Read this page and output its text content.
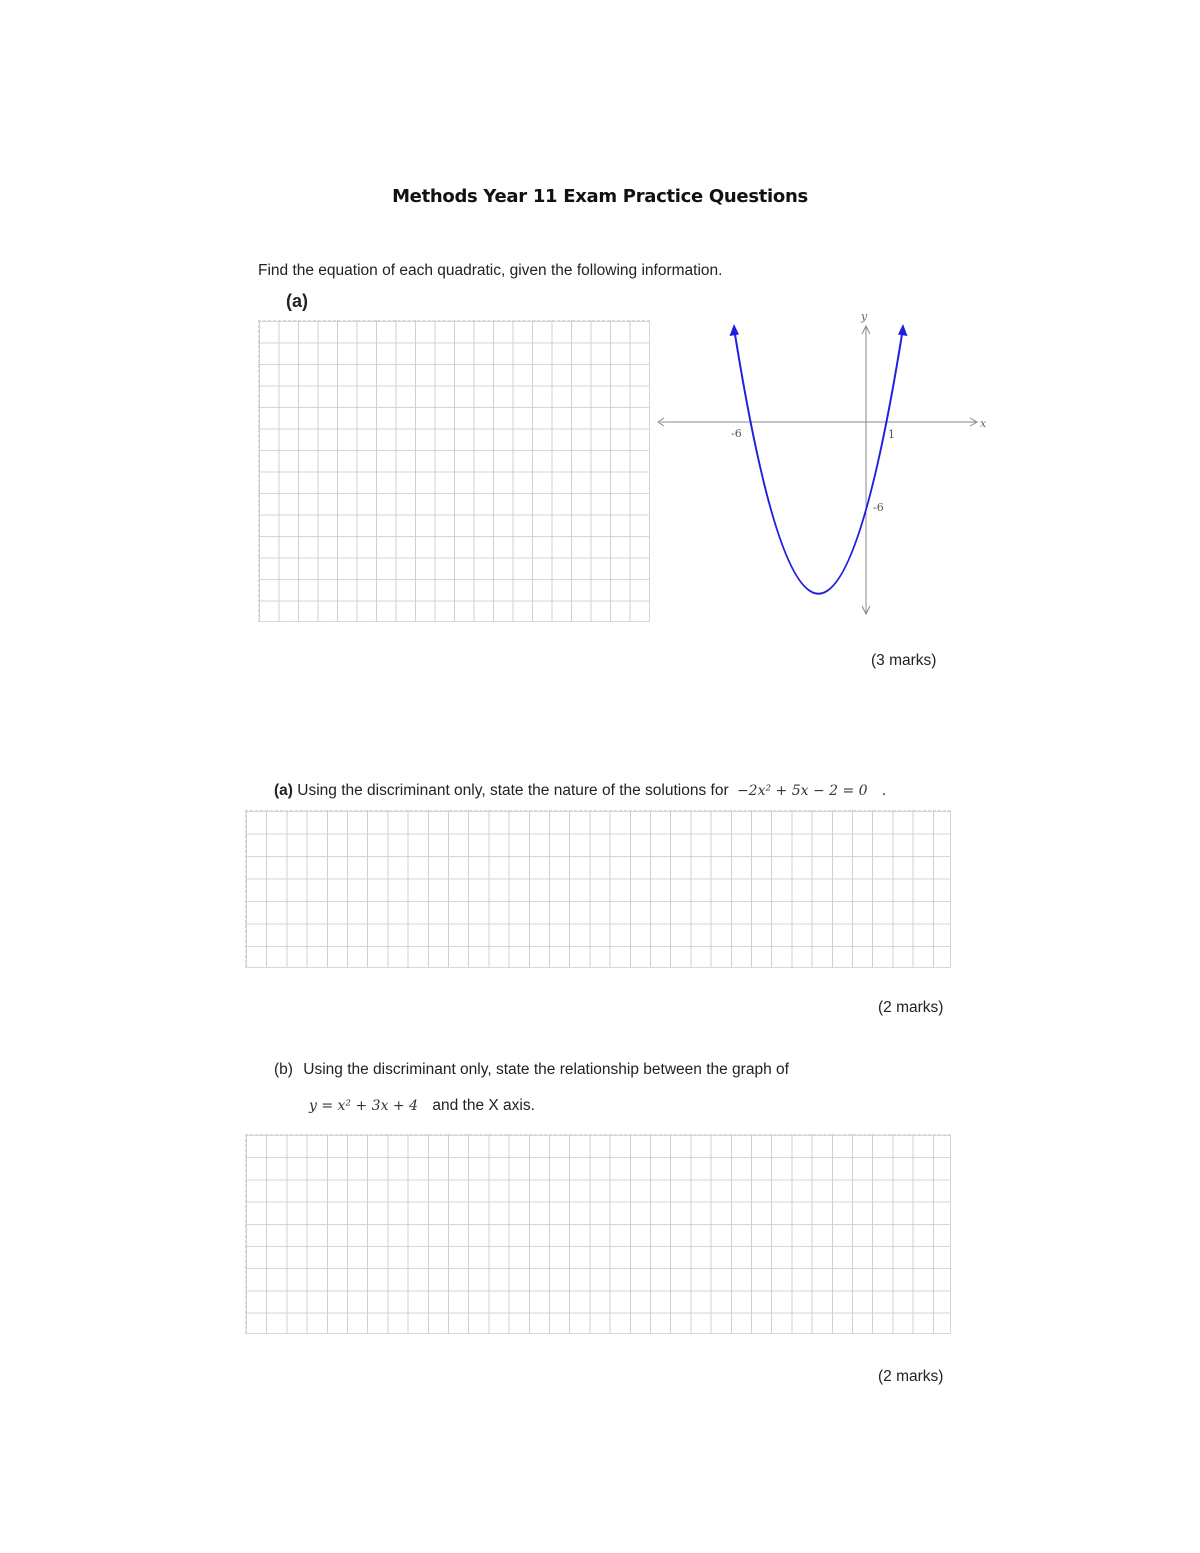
Methods Year 11 Exam Practice Questions
Find the equation of each quadratic, given the following information.
(a)
x
y
-6	1
-6
(3 marks)
(a) Using the discriminant only, state the nature of the solutions for −2x² + 5x − 2 = 0 .
(2 marks)
(b) Using the discriminant only, state the relationship between the graph of
y = x² + 3x + 4 and the X axis.
(2 marks)
